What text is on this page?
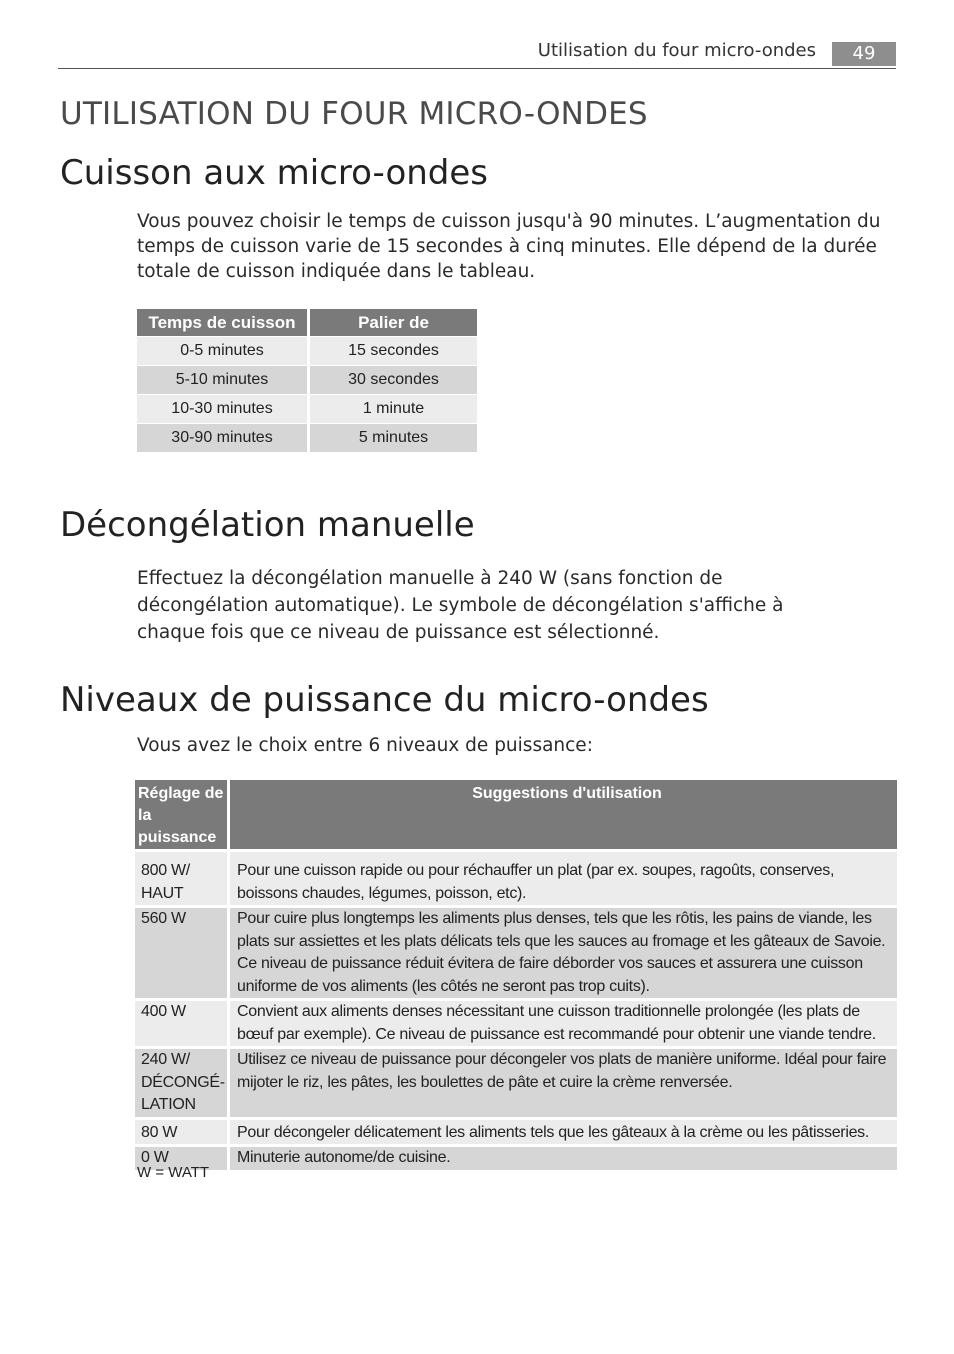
Utilisation du four micro-ondes	49
UTILISATION DU FOUR MICRO-ONDES
Cuisson aux micro-ondes

Vous pouvez choisir le temps de cuisson jusqu'à 90 minutes. L’augmentation du temps de cuisson varie de 15 secondes à cinq minutes. Elle dépend de la durée totale de cuisson indiquée dans le tableau.

Temps de cuisson	Palier de
0-5 minutes	15 secondes
5-10 minutes	30 secondes
10-30 minutes	1 minute
30-90 minutes	5 minutes
Décongélation manuelle

Effectuez la décongélation manuelle à 240 W (sans fonction de décongélation automatique). Le symbole de décongélation s'affiche à chaque fois que ce niveau de puissance est sélectionné.

Niveaux de puissance du micro-ondes

Vous avez le choix entre 6 niveaux de puissance:

Réglage de la puissance	Suggestions d'utilisation
800 W/ HAUT	Pour une cuisson rapide ou pour réchauffer un plat (par ex. soupes, ragoûts, conserves, boissons chaudes, légumes, poisson, etc).
560 W	Pour cuire plus longtemps les aliments plus denses, tels que les rôtis, les pains de viande, les plats sur assiettes et les plats délicats tels que les sauces au fromage et les gâteaux de Savoie. Ce niveau de puissance réduit évitera de faire déborder vos sauces et assurera une cuisson uniforme de vos aliments (les côtés ne seront pas trop cuits).
400 W	Convient aux aliments denses nécessitant une cuisson traditionnelle prolongée (les plats de bœuf par exemple). Ce niveau de puissance est recommandé pour obtenir une viande tendre.
240 W/ DÉCONGÉ-LATION	Utilisez ce niveau de puissance pour décongeler vos plats de manière uniforme. Idéal pour faire mijoter le riz, les pâtes, les boulettes de pâte et cuire la crème renversée.
80 W	Pour décongeler délicatement les aliments tels que les gâteaux à la crème ou les pâtisseries.
0 W	Minuterie autonome/de cuisine.
W = WATT
